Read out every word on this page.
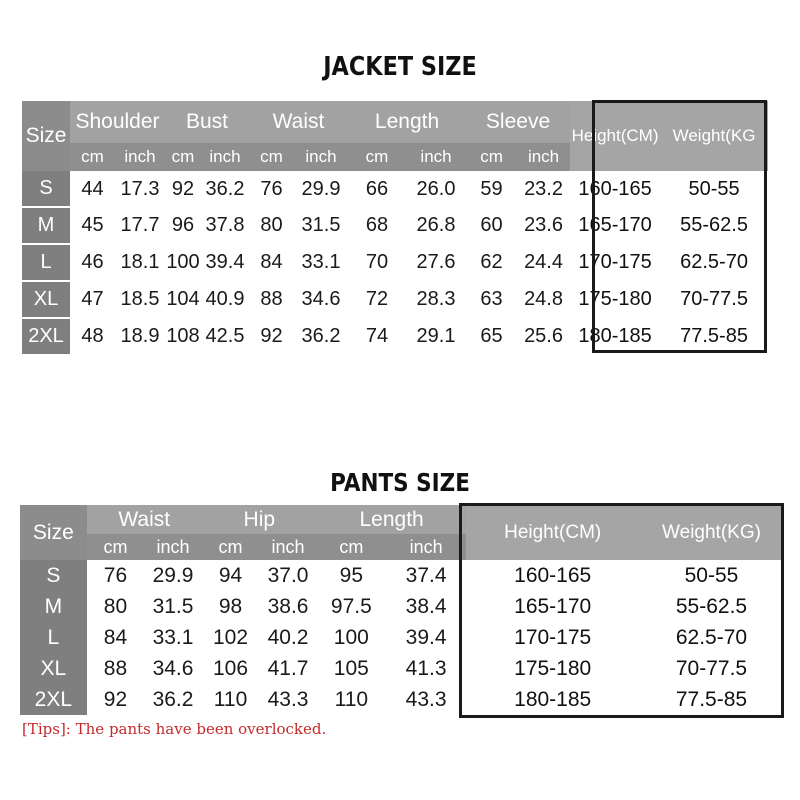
JACKET SIZE
Size	Shoulder		Bust		Waist		Length		Sleeve		Height(CM)	Weight(KG
	cm	inch	cm	inch	cm	inch	cm	inch	cm	inch		
S	44	17.3	92	36.2	76	29.9	66	26.0	59	23.2	160-165	50-55
M	45	17.7	96	37.8	80	31.5	68	26.8	60	23.6	165-170	55-62.5
L	46	18.1	100	39.4	84	33.1	70	27.6	62	24.4	170-175	62.5-70
XL	47	18.5	104	40.9	88	34.6	72	28.3	63	24.8	175-180	70-77.5
2XL	48	18.9	108	42.5	92	36.2	74	29.1	65	25.6	180-185	77.5-85
PANTS SIZE
Size	Waist		Hip		Length		Height(CM)	Weight(KG)
	cm	inch	cm	inch	cm	inch		
S	76	29.9	94	37.0	95	37.4	160-165	50-55
M	80	31.5	98	38.6	97.5	38.4	165-170	55-62.5
L	84	33.1	102	40.2	100	39.4	170-175	62.5-70
XL	88	34.6	106	41.7	105	41.3	175-180	70-77.5
2XL	92	36.2	110	43.3	110	43.3	180-185	77.5-85
[Tips]: The pants have been overlocked.
